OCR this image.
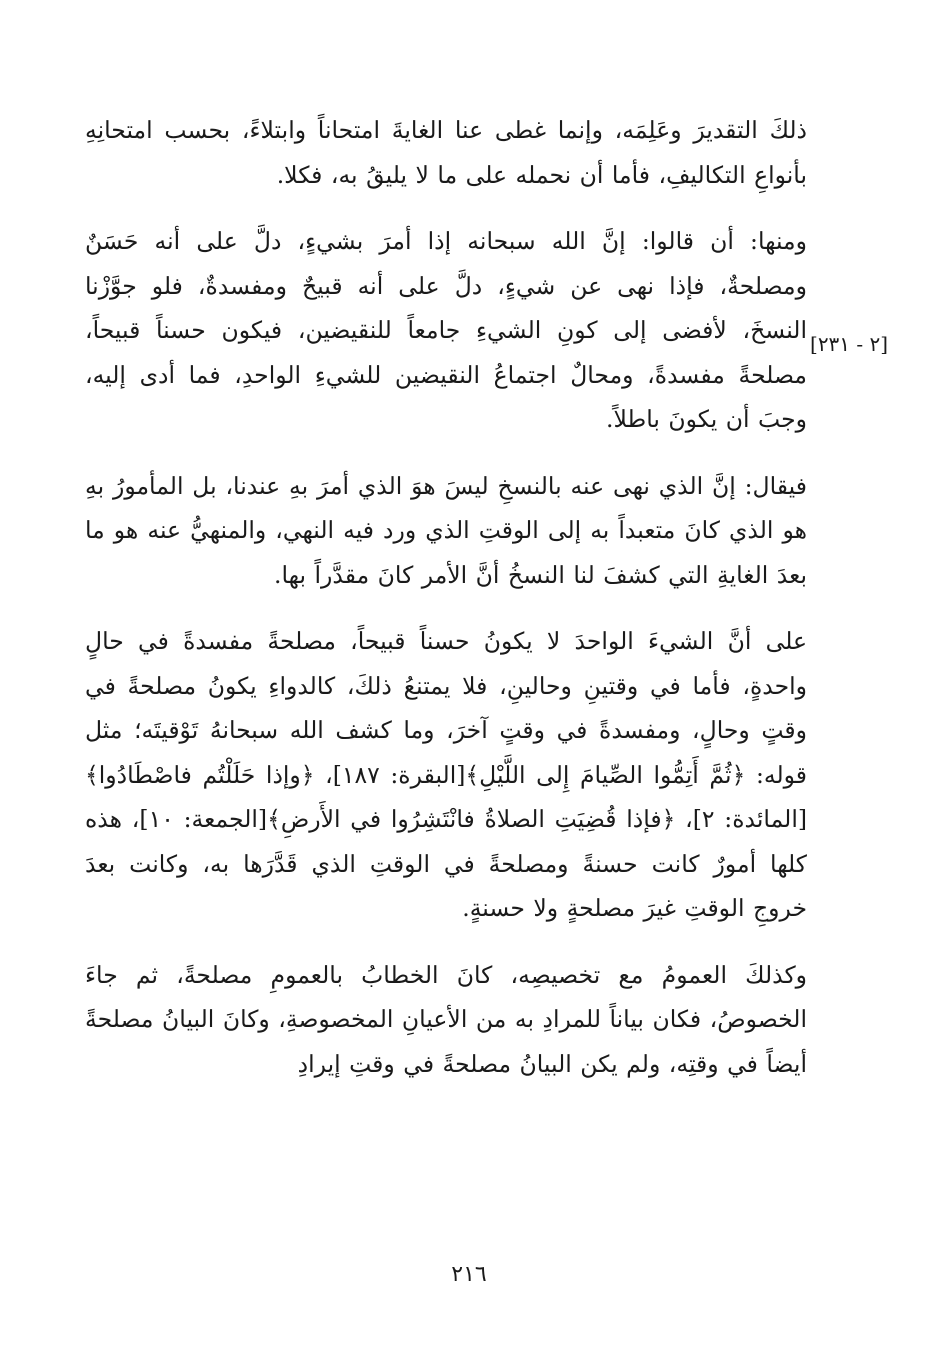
[٢ - ٢٣١]

ذلكَ التقديرَ وعَلِمَه، وإنما غطى عنا الغايةَ امتحاناً وابتلاءً، بحسب امتحانِهِ بأنواعِ التكاليفِ، فأما أن نحمله على ما لا يليقُ به، فكلا.

ومنها: أن قالوا: إنَّ الله سبحانه إذا أمرَ بشيءٍ، دلَّ على أنه حَسَنٌ ومصلحةٌ، فإذا نهى عن شيءٍ، دلَّ على أنه قبيحٌ ومفسدةٌ، فلو جوَّزْنا النسخَ، لأفضى إلى كونِ الشيءِ جامعاً للنقيضين، فيكون حسناً قبيحاً، مصلحةً مفسدةً، ومحالٌ اجتماعُ النقيضين للشيءِ الواحدِ، فما أدى إليه، وجبَ أن يكونَ باطلاً.

فيقال: إنَّ الذي نهى عنه بالنسخِ ليسَ هوَ الذي أمرَ بهِ عندنا، بل المأمورُ بهِ هو الذي كانَ متعبداً به إلى الوقتِ الذي ورد فيه النهي، والمنهيُّ عنه هو ما بعدَ الغايةِ التي كشفَ لنا النسخُ أنَّ الأمر كانَ مقدَّراً بها.

على أنَّ الشيءَ الواحدَ لا يكونُ حسناً قبيحاً، مصلحةً مفسدةً في حالٍ واحدةٍ، فأما في وقتينِ وحالينِ، فلا يمتنعُ ذلكَ، كالدواءِ يكونُ مصلحةً في وقتٍ وحالٍ، ومفسدةً في وقتٍ آخرَ، وما كشف الله سبحانهُ تَوْقيتَه؛ مثل قوله: ﴿ثُمَّ أَتِمُّوا الصِّيامَ إِلى اللَّيْلِ﴾[البقرة: ١٨٧]، ﴿وإذا حَلَلْتُم فاصْطَادُوا﴾ [المائدة: ٢]، ﴿فإذا قُضِيَتِ الصلاةُ فانْتَشِرُوا في الأَرضِ﴾[الجمعة: ١٠]، هذه كلها أمورٌ كانت حسنةً ومصلحةً في الوقتِ الذي قَدَّرَها به، وكانت بعدَ خروجِ الوقتِ غيرَ مصلحةٍ ولا حسنةٍ.

وكذلكَ العمومُ مع تخصيصِه، كانَ الخطابُ بالعمومِ مصلحةً، ثم جاءَ الخصوصُ، فكان بياناً للمرادِ به من الأعيانِ المخصوصةِ، وكانَ البيانُ مصلحةً أيضاً في وقتِه، ولم يكن البيانُ مصلحةً في وقتِ إيرادِ

٢١٦
